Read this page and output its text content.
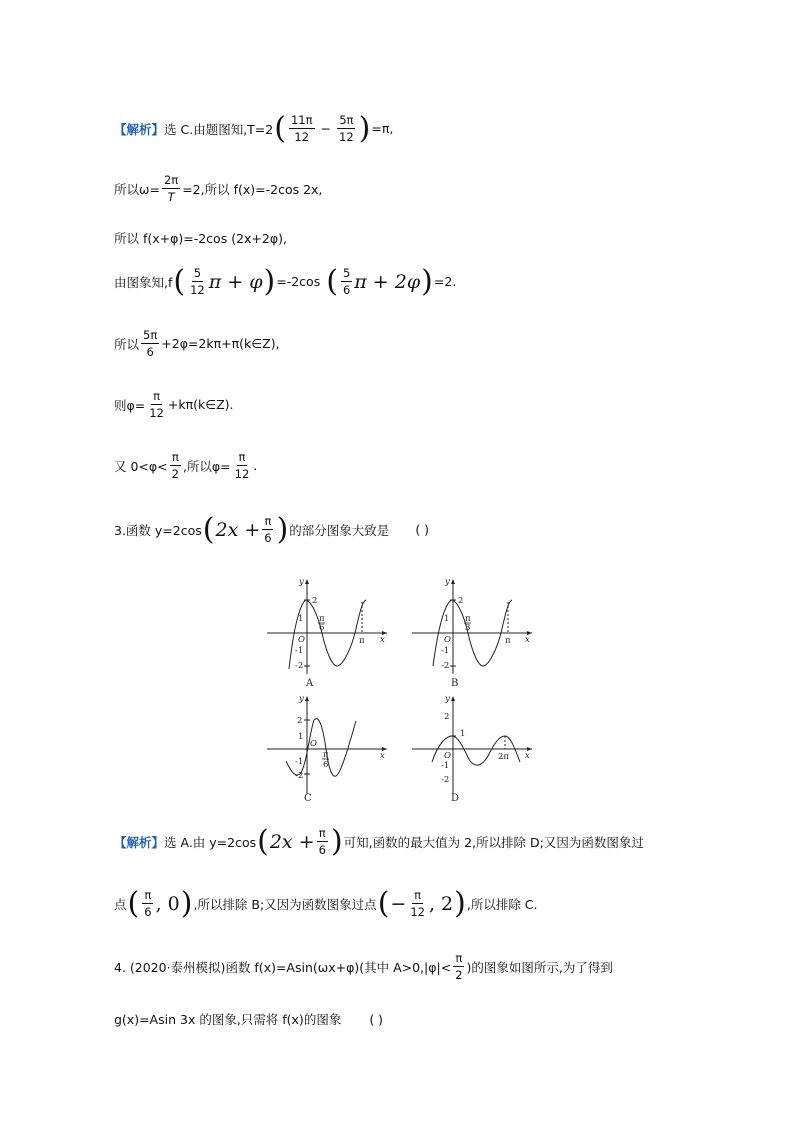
【解析】 选 C.由题图知,T=2 ( $\frac{11\pi}{12} - \frac{5\pi}{12}$ ) =π,
所以$\omega= \frac{2\pi}{T} =2$,所以 f(x)=-2cos 2x,
所以 f(x+φ)=-2cos (2x+2φ),
由图象知,f ( $\frac{5}{12}$ π + φ ) =-2cos ( $\frac{5}{6}$ π + 2φ ) =2.
所以 $\frac{5\pi}{6}$ +2φ=2kπ+π(k∈Z),
则$\varphi= \frac{\pi}{12}$ +kπ(k∈Z).
又 $0<\varphi< \frac{\pi}{2}$ ,所以$\varphi= \frac{\pi}{12}$ .
3.函数 y=2cos ( $2x + \frac{\pi}{6}$ ) 的部分图象大致是 ( )
y
x
2
1
O
-1
-2
π
6
π
A
y
x
2
1
O
-1
-2
π
3
π
B
y
x
2
1
O
-1
-2
π
6
C
y
x
2
1
O
-1
-2
2π
D
【解析】 选 A.由 y=2cos ( $2x + \frac{\pi}{6}$ ) 可知,函数的最大值为 2,所以排除 D;又因为函数图象过
点 ( $\frac{\pi}{6}$ , 0 ) ,所以排除 B;又因为函数图象过点 ( − $\frac{\pi}{12}$ , 2 ) ,所以排除 C.
4. (2020·泰州模拟)函数 f(x)=Asin(ωx+φ)(其中 $A>0,|\varphi|< \frac{\pi}{2}$ )的图象如图所示,为了得到
g(x)=Asin 3x 的图象,只需将 f(x)的图象 ( )
